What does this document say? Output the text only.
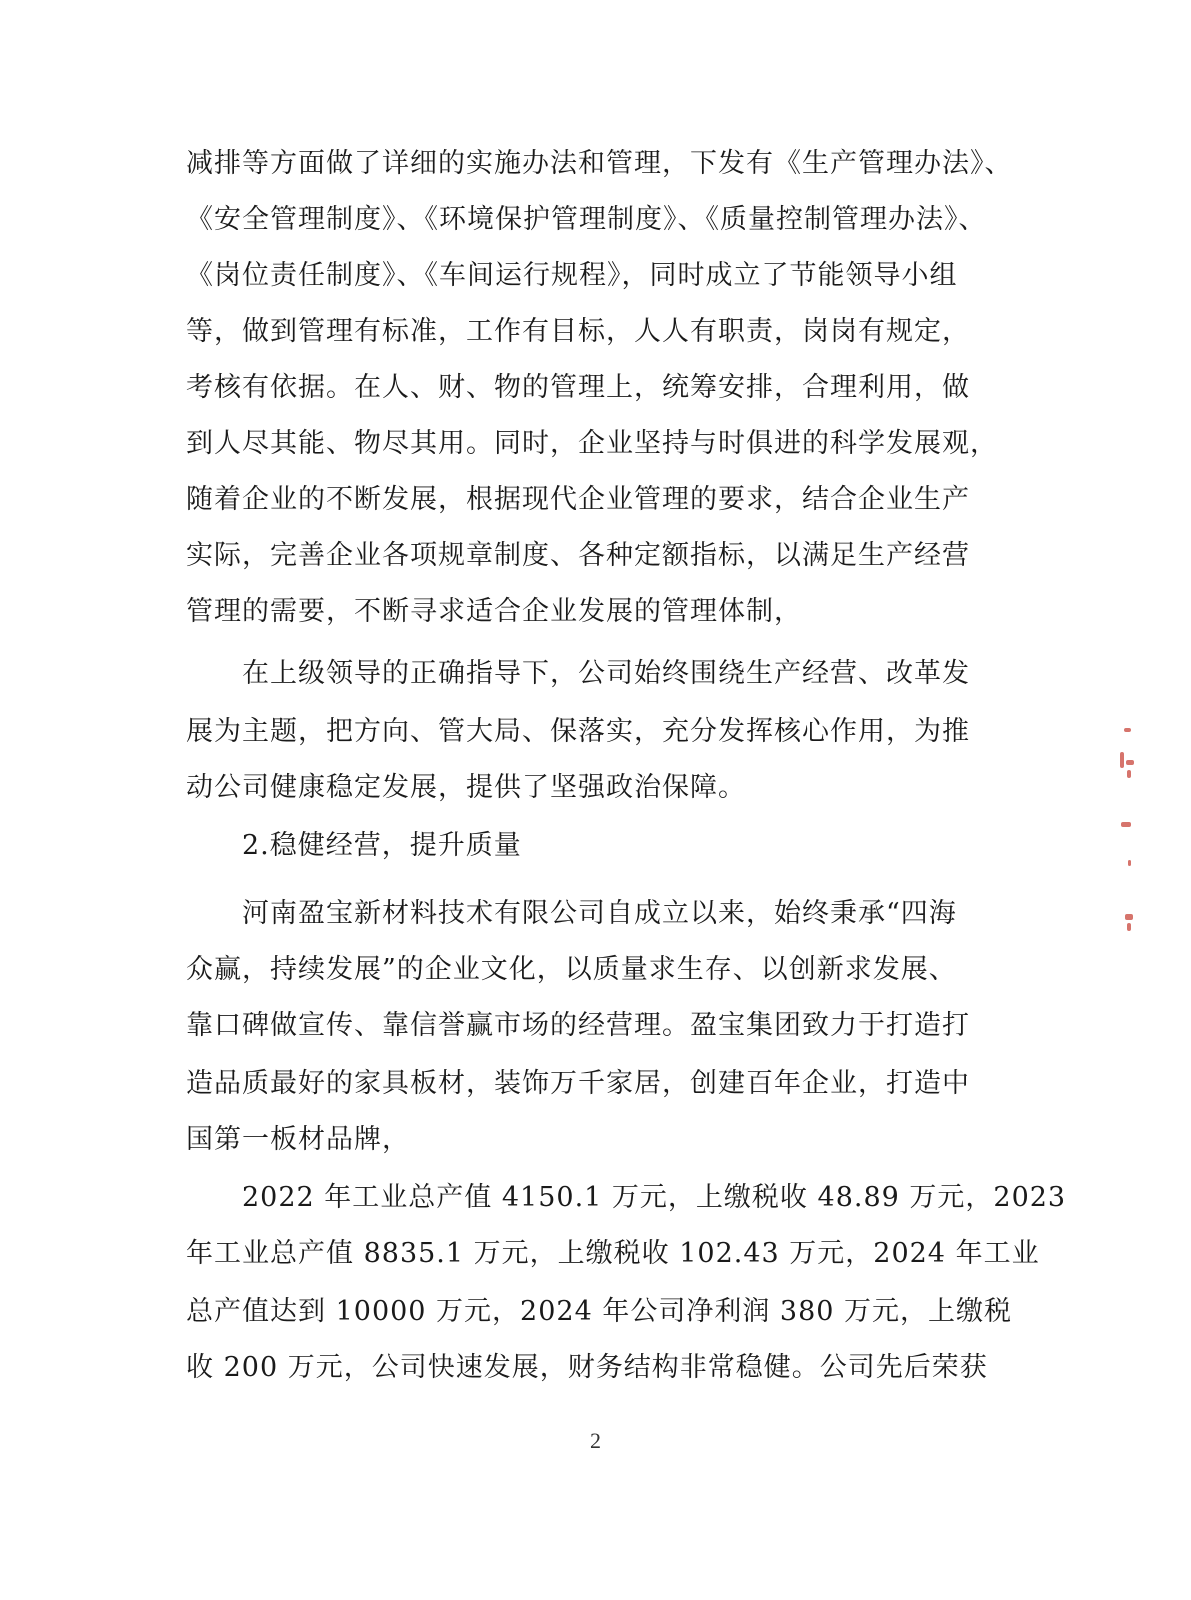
减排等方面做了详细的实施办法和管理，下发有《生产管理办法》、
《安全管理制度》、《环境保护管理制度》、《质量控制管理办法》、
《岗位责任制度》、《车间运行规程》，同时成立了节能领导小组
等，做到管理有标准，工作有目标，人人有职责，岗岗有规定，
考核有依据。在人、财、物的管理上，统筹安排，合理利用，做
到人尽其能、物尽其用。同时，企业坚持与时俱进的科学发展观，
随着企业的不断发展，根据现代企业管理的要求，结合企业生产
实际，完善企业各项规章制度、各种定额指标，以满足生产经营
管理的需要，不断寻求适合企业发展的管理体制，
在上级领导的正确指导下，公司始终围绕生产经营、改革发
展为主题，把方向、管大局、保落实，充分发挥核心作用，为推
动公司健康稳定发展，提供了坚强政治保障。
2.稳健经营，提升质量
河南盈宝新材料技术有限公司自成立以来，始终秉承“四海
众赢，持续发展”的企业文化，以质量求生存、以创新求发展、
靠口碑做宣传、靠信誉赢市场的经营理。盈宝集团致力于打造打
造品质最好的家具板材，装饰万千家居，创建百年企业，打造中
国第一板材品牌，
2022 年工业总产值 4150.1 万元，上缴税收 48.89 万元，2023
年工业总产值 8835.1 万元，上缴税收 102.43 万元，2024 年工业
总产值达到 10000 万元，2024 年公司净利润 380 万元，上缴税
收 200 万元，公司快速发展，财务结构非常稳健。公司先后荣获
2
